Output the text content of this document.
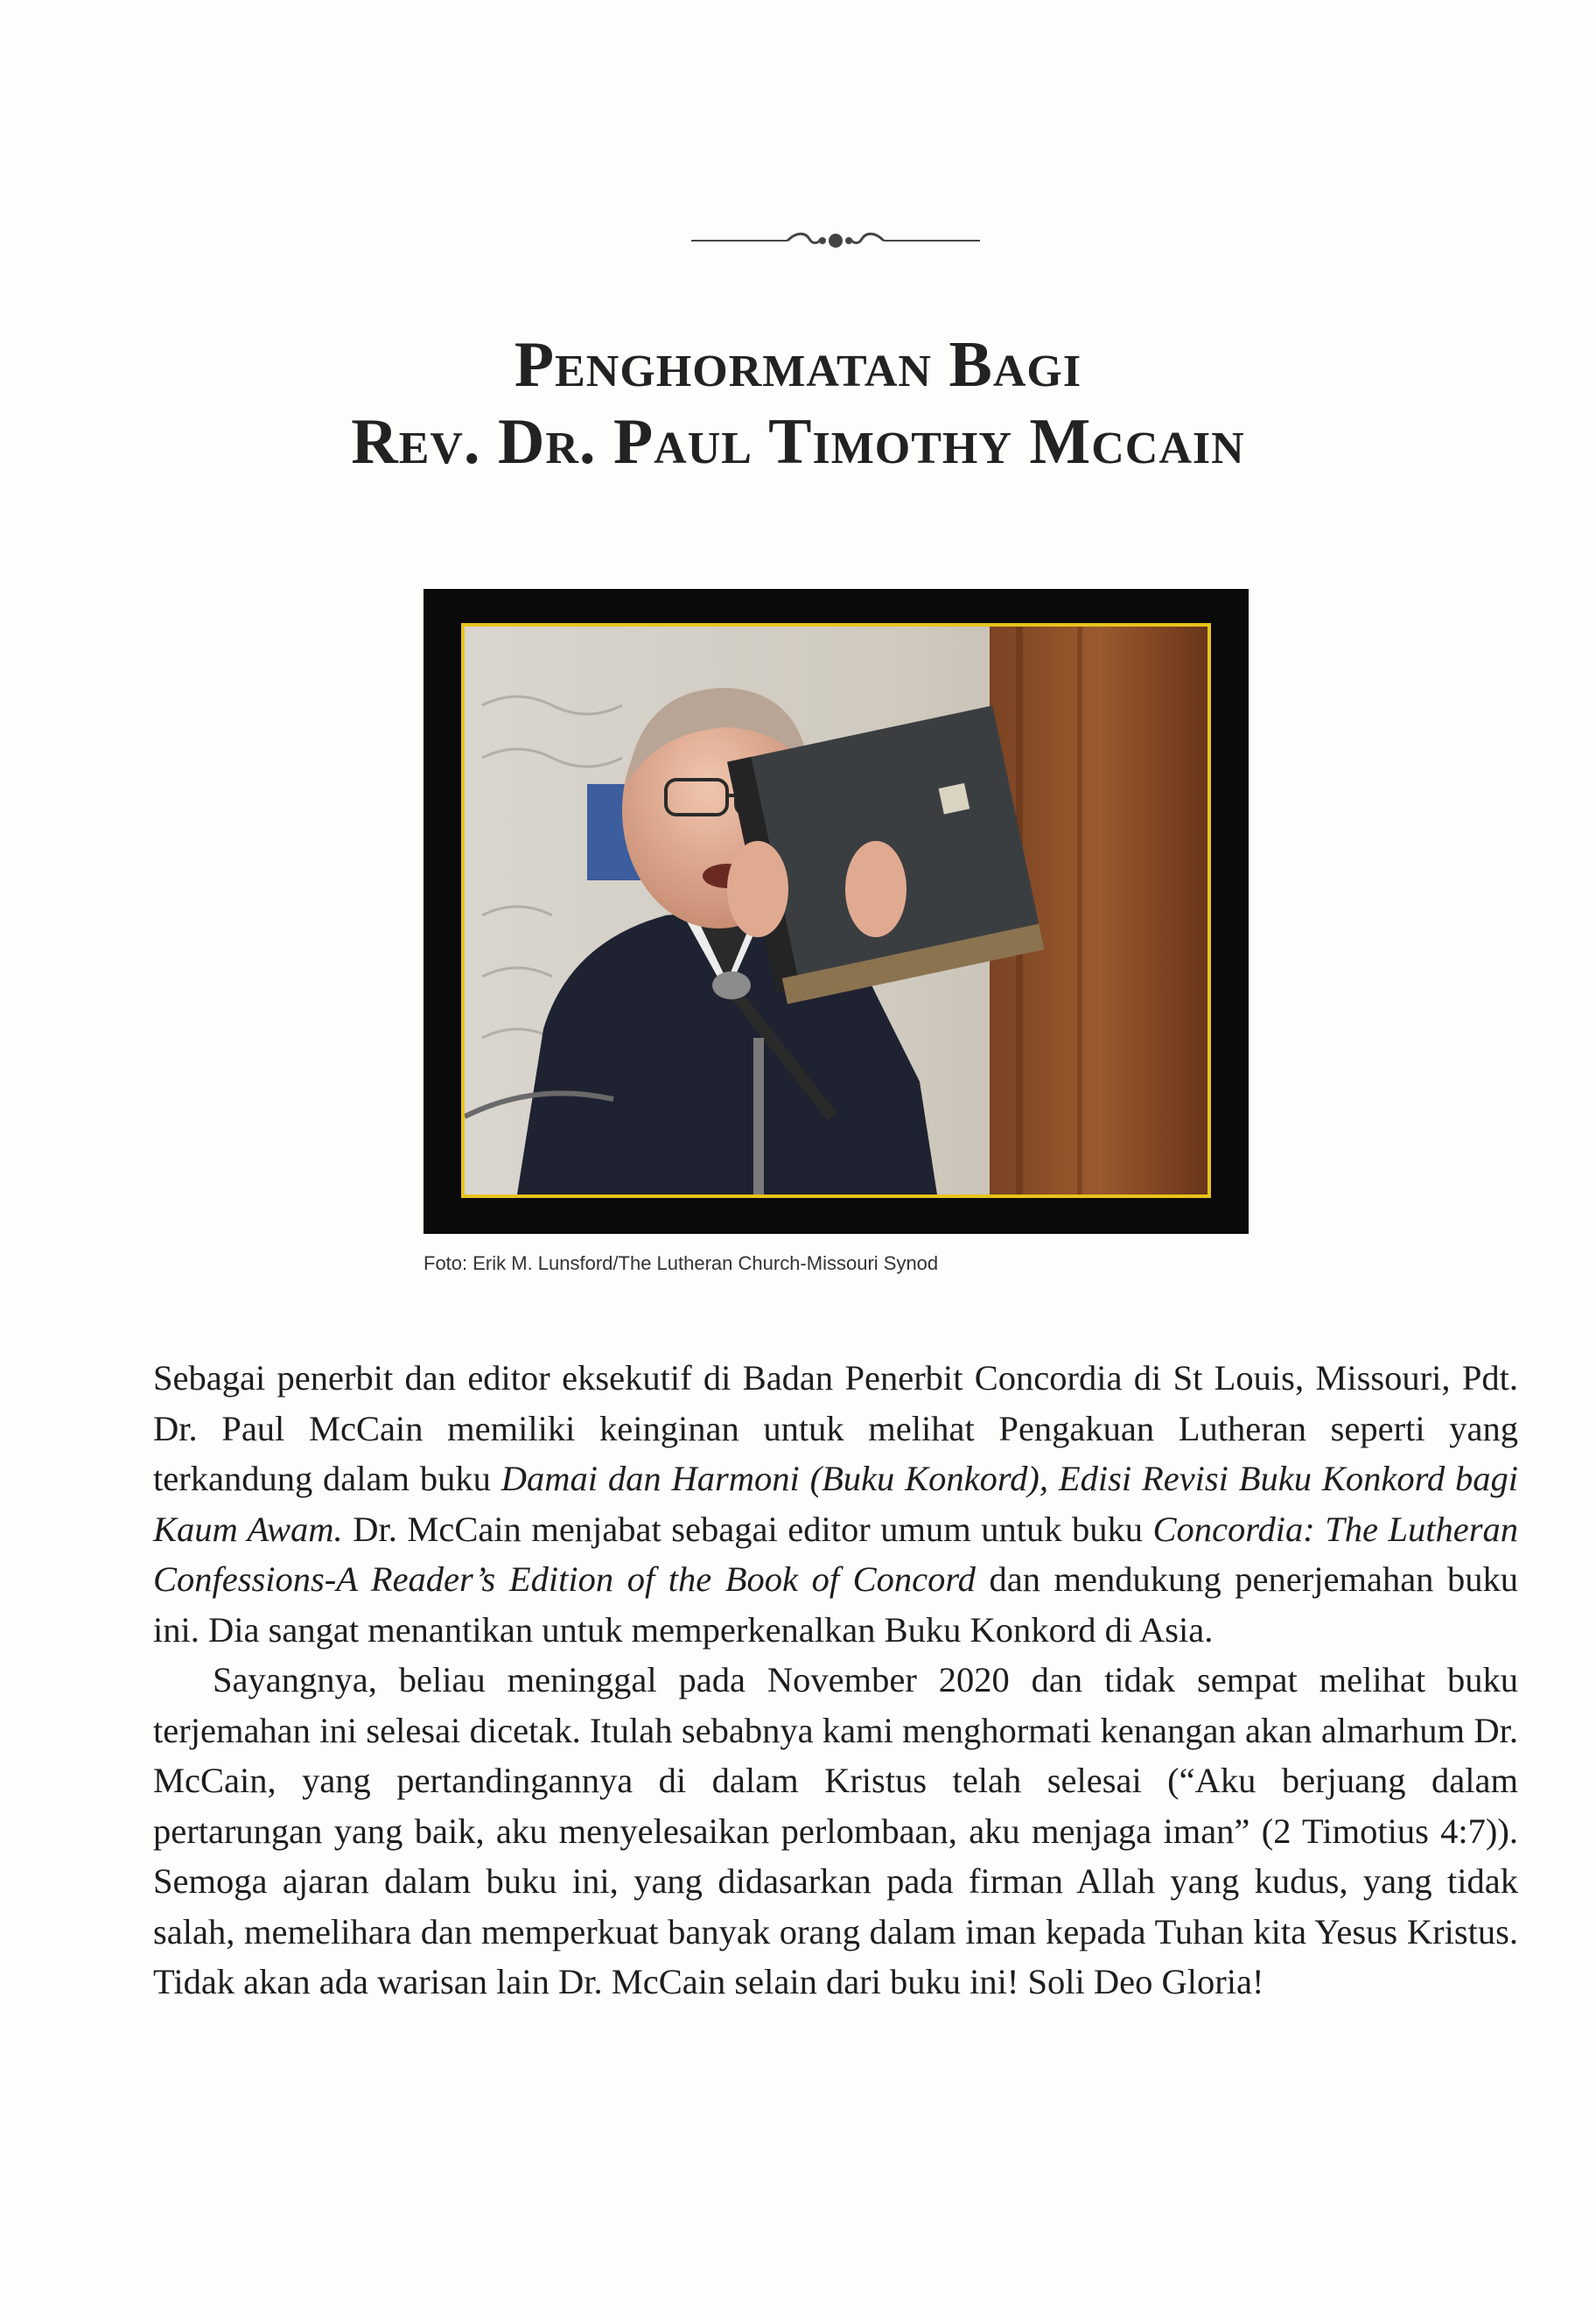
Penghormatan Bagi
Rev. Dr. Paul Timothy Mccain
Foto: Erik M. Lunsford/The Lutheran Church-Missouri Synod

Sebagai penerbit dan editor eksekutif di Badan Penerbit Concordia di St Louis, Missouri, Pdt. Dr. Paul McCain memiliki keinginan untuk melihat Pengakuan Lutheran seperti yang terkandung dalam buku Damai dan Harmoni (Buku Konkord), Edisi Revisi Buku Konkord bagi Kaum Awam. Dr. McCain menjabat sebagai editor umum untuk buku Concordia: The Lutheran Confessions-A Reader’s Edition of the Book of Concord dan mendukung penerjemahan buku ini. Dia sangat menantikan untuk memperkenalkan Buku Konkord di Asia.

Sayangnya, beliau meninggal pada November 2020 dan tidak sempat melihat buku terjemahan ini selesai dicetak. Itulah sebabnya kami menghormati kenangan akan almarhum Dr. McCain, yang pertandingannya di dalam Kristus telah selesai (“Aku berjuang dalam pertarungan yang baik, aku menyelesaikan perlombaan, aku menjaga iman” (2 Timotius 4:7)). Semoga ajaran dalam buku ini, yang didasarkan pada firman Allah yang kudus, yang tidak salah, memelihara dan memperkuat banyak orang dalam iman kepada Tuhan kita Yesus Kristus. Tidak akan ada warisan lain Dr. McCain selain dari buku ini! Soli Deo Gloria!
